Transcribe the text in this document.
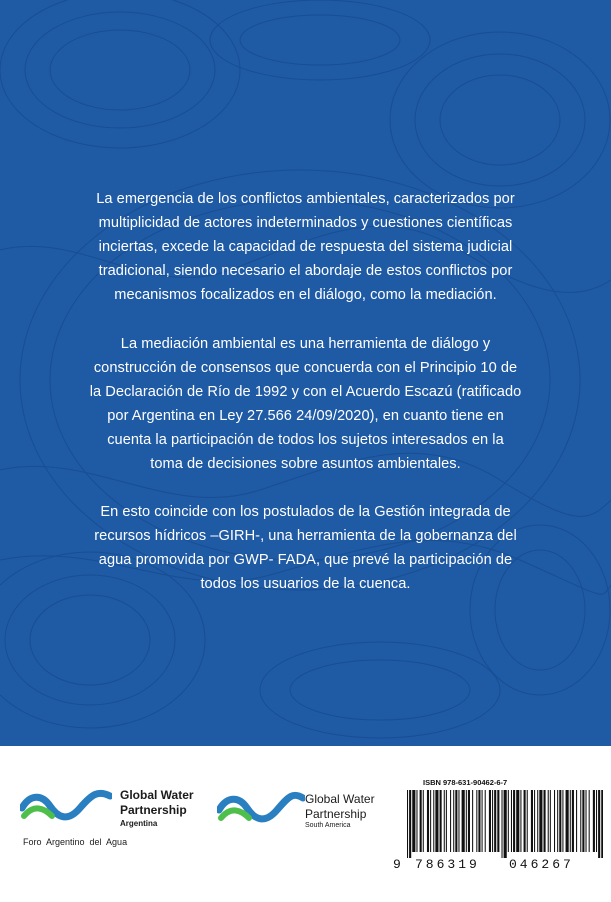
La emergencia de los conflictos ambientales, caracterizados por
multiplicidad de actores indeterminados y cuestiones científicas
inciertas, excede la capacidad de respuesta del sistema judicial
tradicional, siendo necesario el abordaje de estos conflictos por
mecanismos focalizados en el diálogo, como la mediación.
La mediación ambiental es una herramienta de diálogo y
construcción de consensos que concuerda con el Principio 10 de
la Declaración de Río de 1992 y con el Acuerdo Escazú (ratificado
por Argentina en Ley 27.566 24/09/2020), en cuanto tiene en
cuenta la participación de todos los sujetos interesados en la
toma de decisiones sobre asuntos ambientales.
En esto coincide con los postulados de la Gestión integrada de
recursos hídricos –GIRH-, una herramienta de la gobernanza del
agua promovida por GWP- FADA, que prevé la participación de
todos los usuarios de la cuenca.
Global Water
Partnership
Argentina
Foro  Argentino  del  Agua
Global Water
Partnership
South America
ISBN 978-631-90462-6-7
9 786319 046267
